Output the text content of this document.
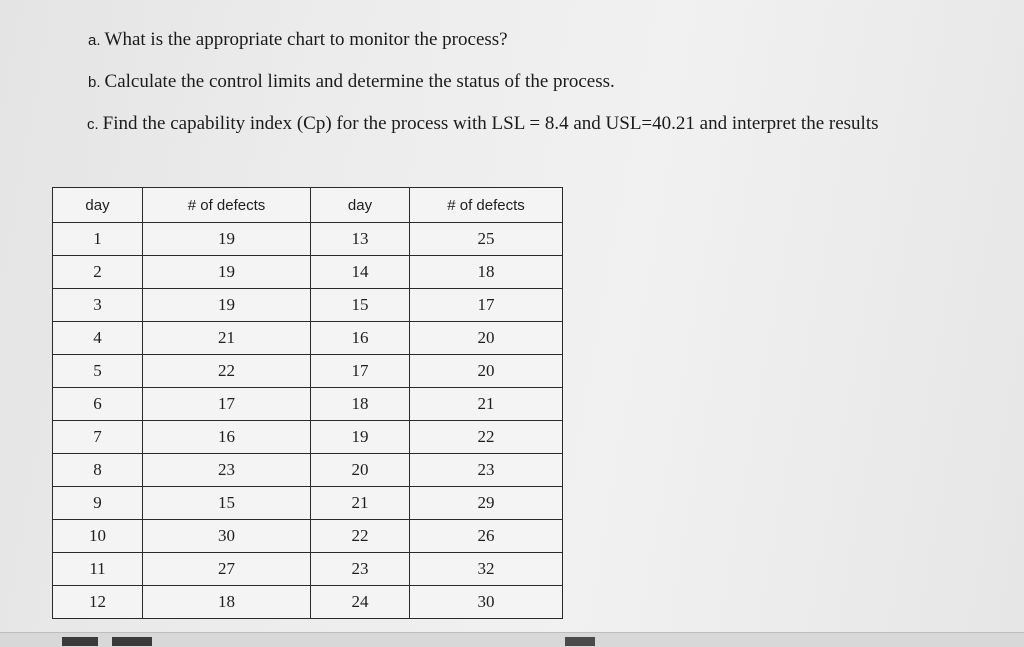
a. What is the appropriate chart to monitor the process?
b. Calculate the control limits and determine the status of the process.
c. Find the capability index (Cp) for the process with LSL = 8.4 and USL=40.21 and interpret the results
day	# of defects	day	# of defects
1	19	13	25
2	19	14	18
3	19	15	17
4	21	16	20
5	22	17	20
6	17	18	21
7	16	19	22
8	23	20	23
9	15	21	29
10	30	22	26
11	27	23	32
12	18	24	30
